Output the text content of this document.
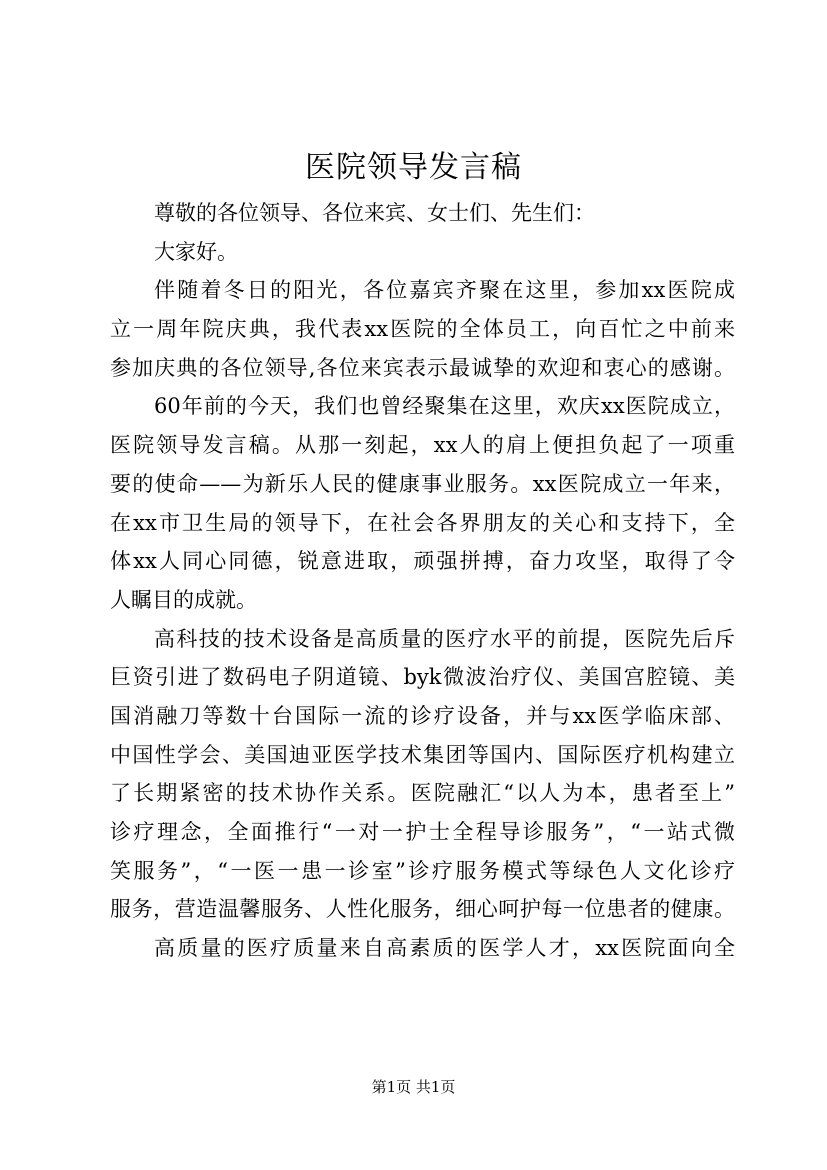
医院领导发言稿
尊敬的各位领导、各位来宾、女士们、先生们：
大家好。
伴随着冬日的阳光，各位嘉宾齐聚在这里，参加xx医院成
立一周年院庆典，我代表xx医院的全体员工，向百忙之中前来
参加庆典的各位领导,各位来宾表示最诚挚的欢迎和衷心的感谢。
60年前的今天，我们也曾经聚集在这里，欢庆xx医院成立，
医院领导发言稿。从那一刻起，xx人的肩上便担负起了一项重
要的使命——为新乐人民的健康事业服务。xx医院成立一年来，
在xx市卫生局的领导下，在社会各界朋友的关心和支持下，全
体xx人同心同德，锐意进取，顽强拼搏，奋力攻坚，取得了令
人瞩目的成就。
高科技的技术设备是高质量的医疗水平的前提，医院先后斥
巨资引进了数码电子阴道镜、byk微波治疗仪、美国宫腔镜、美
国消融刀等数十台国际一流的诊疗设备，并与xx医学临床部、
中国性学会、美国迪亚医学技术集团等国内、国际医疗机构建立
了长期紧密的技术协作关系。医院融汇“以人为本，患者至上”
诊疗理念，全面推行“一对一护士全程导诊服务”，“一站式微
笑服务”，“一医一患一诊室”诊疗服务模式等绿色人文化诊疗
服务，营造温馨服务、人性化服务，细心呵护每一位患者的健康。
高质量的医疗质量来自高素质的医学人才，xx医院面向全
第1页 共1页
